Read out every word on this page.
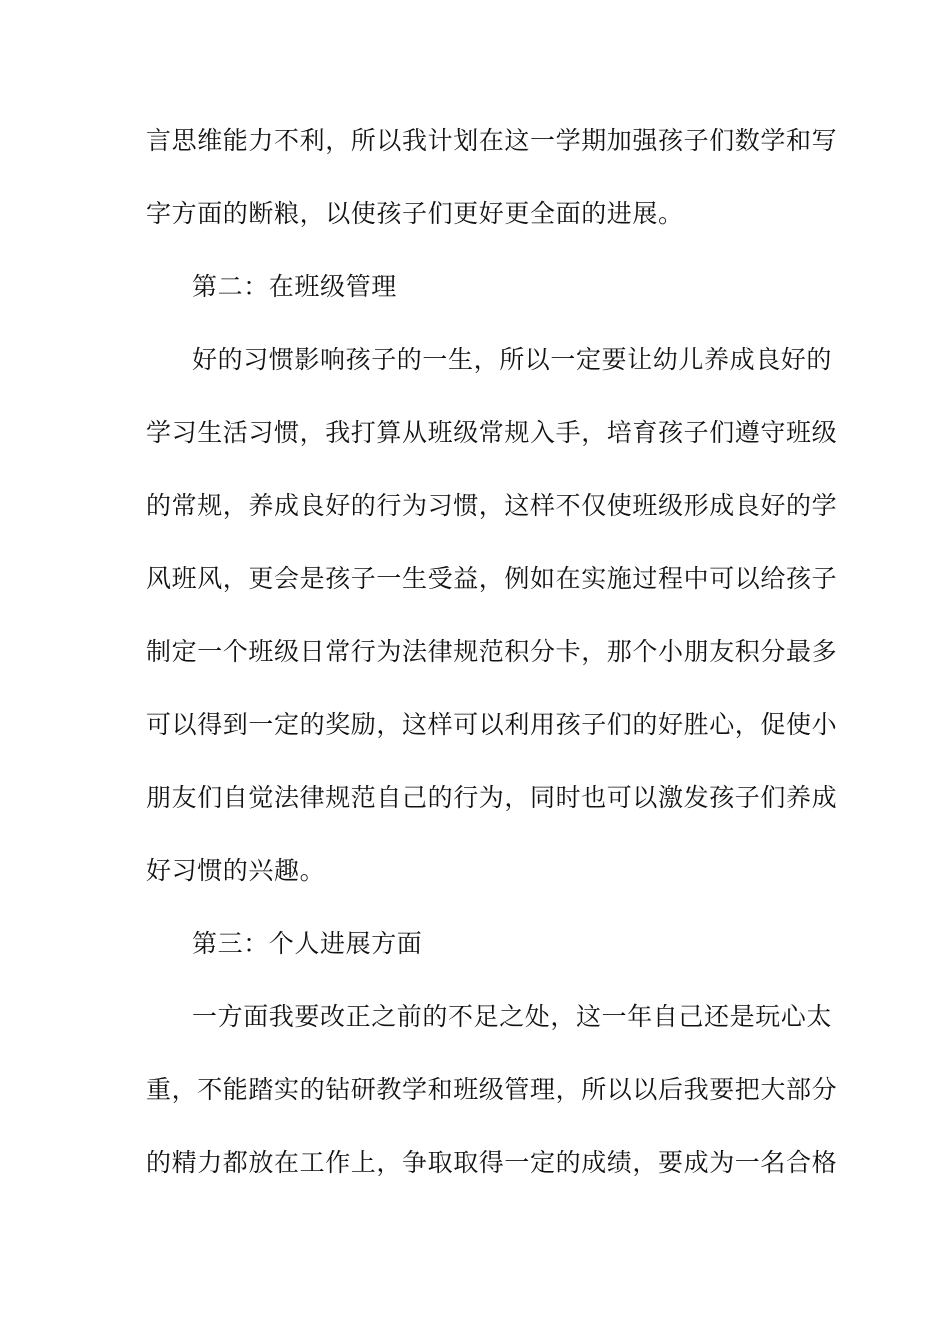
言思维能力不利，所以我计划在这一学期加强孩子们数学和写
字方面的断粮，以使孩子们更好更全面的进展。
第二：在班级管理
好的习惯影响孩子的一生，所以一定要让幼儿养成良好的
学习生活习惯，我打算从班级常规入手，培育孩子们遵守班级
的常规，养成良好的行为习惯，这样不仅使班级形成良好的学
风班风，更会是孩子一生受益，例如在实施过程中可以给孩子
制定一个班级日常行为法律规范积分卡，那个小朋友积分最多
可以得到一定的奖励，这样可以利用孩子们的好胜心，促使小
朋友们自觉法律规范自己的行为，同时也可以激发孩子们养成
好习惯的兴趣。
第三：个人进展方面
一方面我要改正之前的不足之处，这一年自己还是玩心太
重，不能踏实的钻研教学和班级管理，所以以后我要把大部分
的精力都放在工作上，争取取得一定的成绩，要成为一名合格
